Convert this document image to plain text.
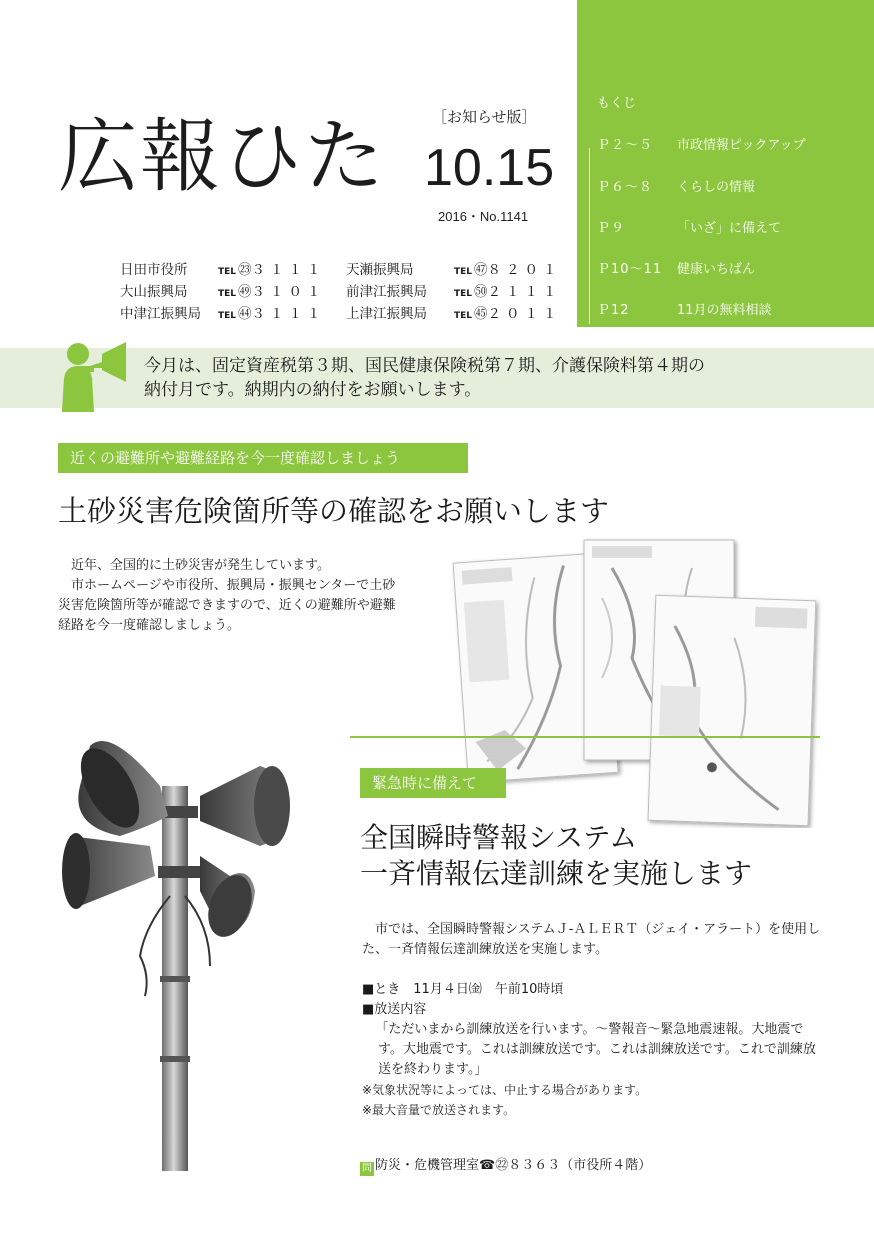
広報ひた	［お知らせ版］
10.15
2016・No.1141
日田市役所	TEL ㉓３１１１	天瀬振興局	TEL ㊼８２０１
大山振興局	TEL ㊾３１０１	前津江振興局	TEL ㊿２１１１
中津江振興局	TEL ㊹３１１１	上津江振興局	TEL ㊺２０１１
もくじ
Ｐ２～５ 市政情報ピックアップ
Ｐ６～８ くらしの情報
Ｐ９	「いざ」に備えて
Ｐ10～11 健康いちばん
Ｐ12	11月の無料相談
今月は、固定資産税第３期、国民健康保険税第７期、介護保険料第４期の
納付月です。納期内の納付をお願いします。
近くの避難所や避難経路を今一度確認しましょう
土砂災害危険箇所等の確認をお願いします

近年、全国的に土砂災害が発生しています。

市ホームページや市役所、振興局・振興センターで土砂災害危険箇所等が確認できますので、近くの避難所や避難経路を今一度確認しましょう。

緊急時に備えて
全国瞬時警報システム
一斉情報伝達訓練を実施します

市では、全国瞬時警報システムＪ‐ＡＬＥＲＴ（ジェイ・アラート）を使用した、一斉情報伝達訓練放送を実施します。

■とき　11月４日㈮　午前10時頃

■放送内容

「ただいまから訓練放送を行います。～警報音～緊急地震速報。大地震です。大地震です。これは訓練放送です。これは訓練放送です。これで訓練放送を終わります。」

※気象状況等によっては、中止する場合があります。

※最大音量で放送されます。

問 防災・危機管理室☎㉒８３６３（市役所４階）
